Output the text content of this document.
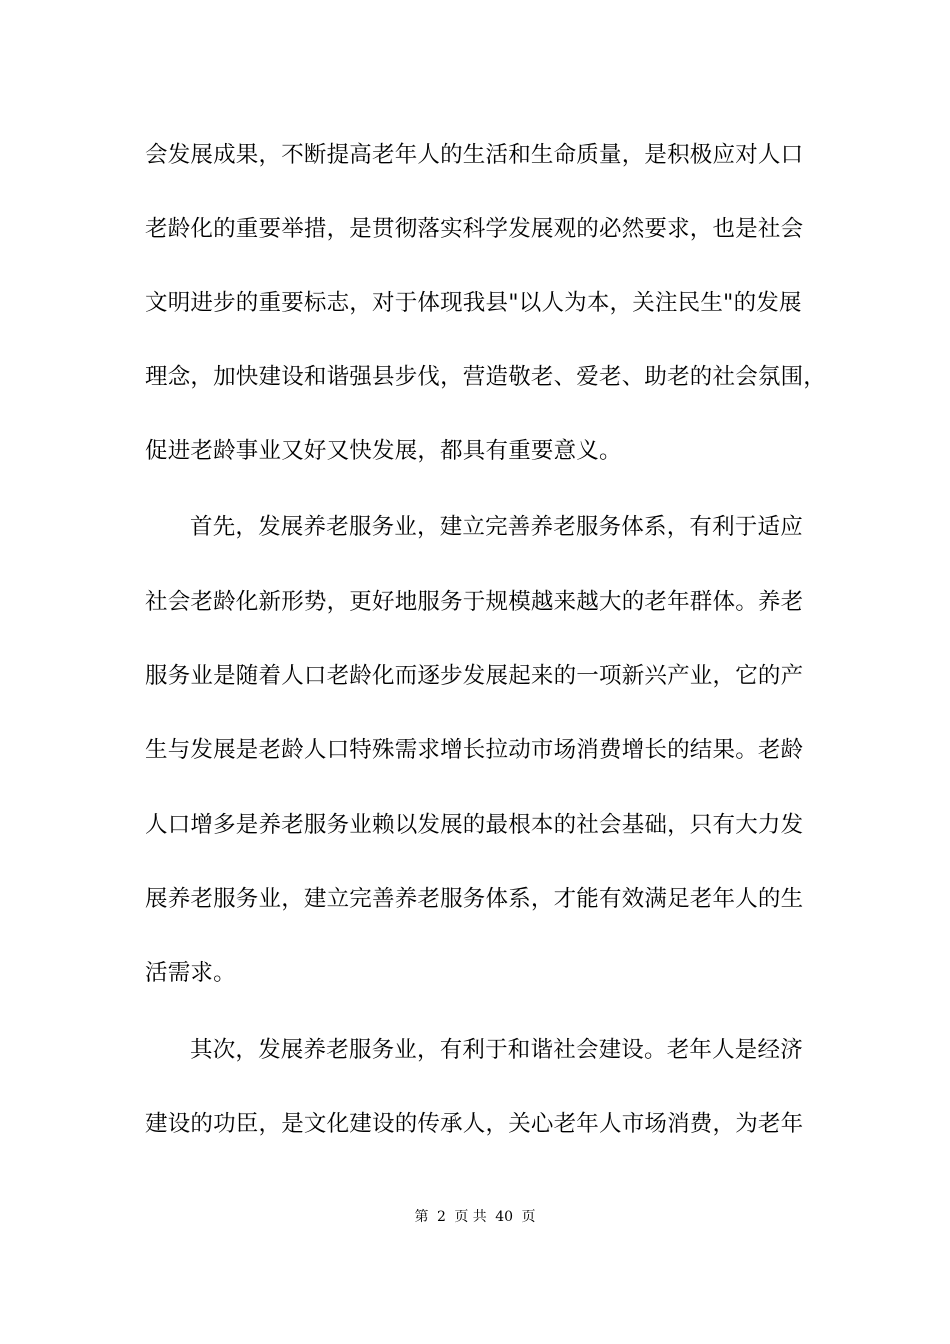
会发展成果，不断提高老年人的生活和生命质量，是积极应对人口
老龄化的重要举措，是贯彻落实科学发展观的必然要求，也是社会
文明进步的重要标志，对于体现我县"以人为本，关注民生"的发展
理念，加快建设和谐强县步伐，营造敬老、爱老、助老的社会氛围，
促进老龄事业又好又快发展，都具有重要意义。
首先，发展养老服务业，建立完善养老服务体系，有利于适应
社会老龄化新形势，更好地服务于规模越来越大的老年群体。养老
服务业是随着人口老龄化而逐步发展起来的一项新兴产业，它的产
生与发展是老龄人口特殊需求增长拉动市场消费增长的结果。老龄
人口增多是养老服务业赖以发展的最根本的社会基础，只有大力发
展养老服务业，建立完善养老服务体系，才能有效满足老年人的生
活需求。
其次，发展养老服务业，有利于和谐社会建设。老年人是经济
建设的功臣，是文化建设的传承人，关心老年人市场消费，为老年
第 2 页 共 40 页
